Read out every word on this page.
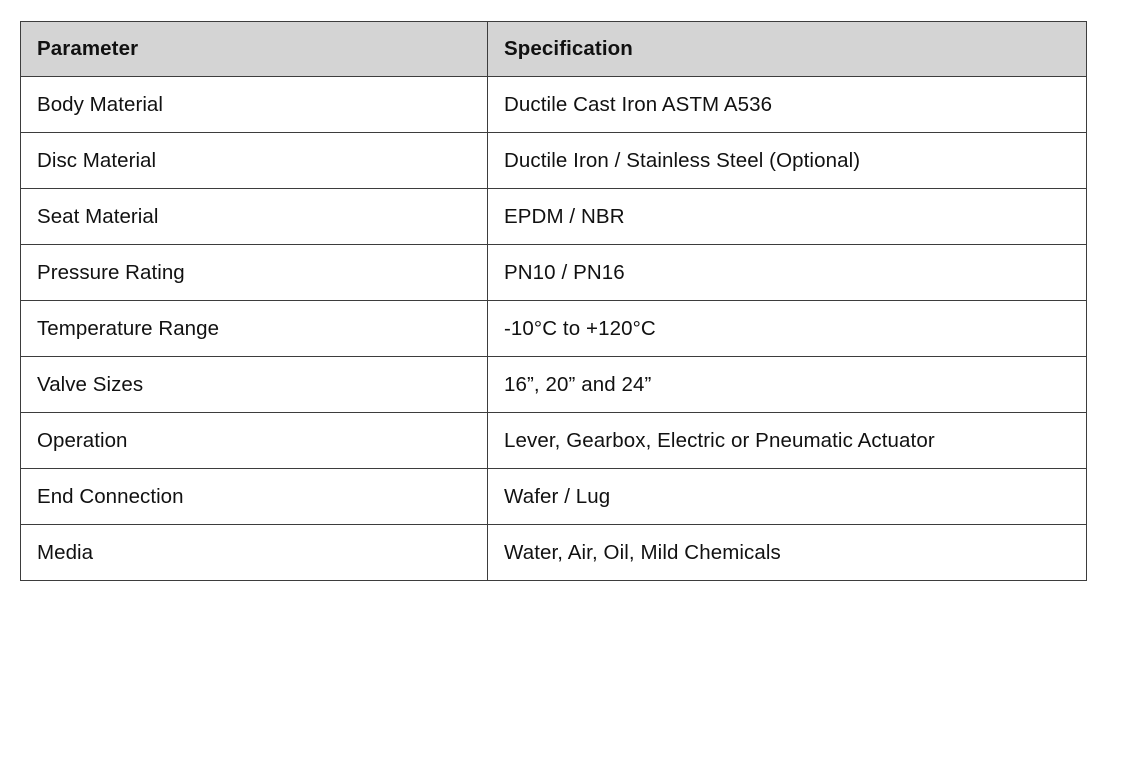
Parameter	Specification
Body Material	Ductile Cast Iron ASTM A536
Disc Material	Ductile Iron / Stainless Steel (Optional)
Seat Material	EPDM / NBR
Pressure Rating	PN10 / PN16
Temperature Range	-10°C to +120°C
Valve Sizes	16”, 20” and 24”
Operation	Lever, Gearbox, Electric or Pneumatic Actuator
End Connection	Wafer / Lug
Media	Water, Air, Oil, Mild Chemicals
